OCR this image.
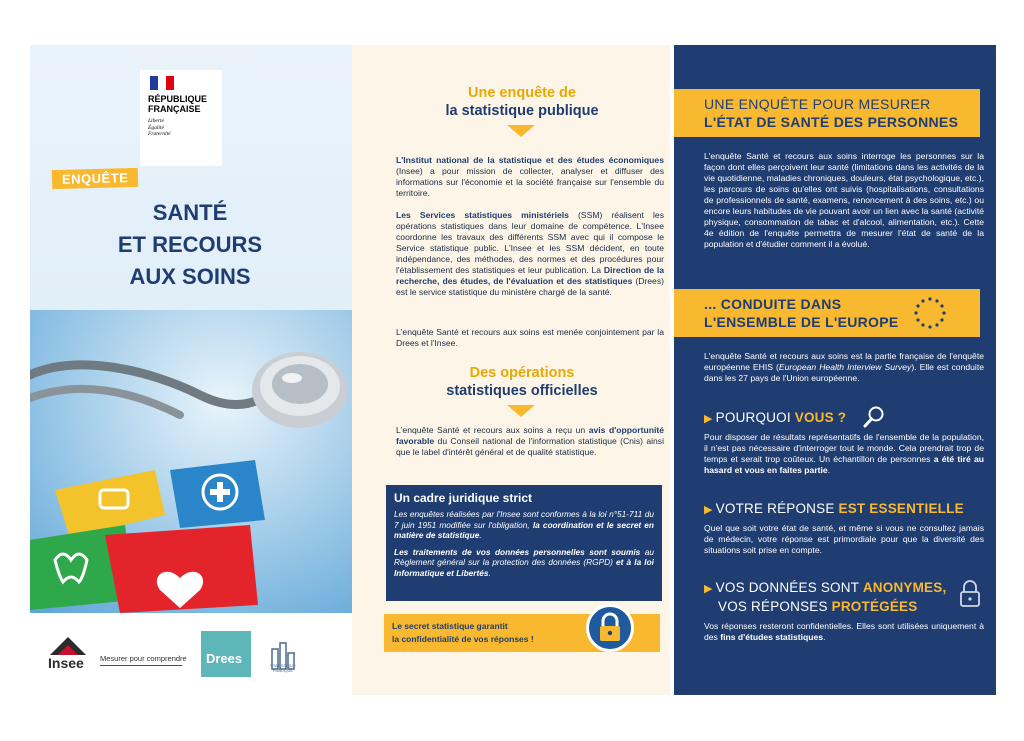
RÉPUBLIQUE
FRANÇAISE
Liberté
Égalité
Fraternité
ENQUÊTE
SANTÉ
ET RECOURS
AUX SOINS
Insee Mesurer pour comprendre Drees	STATISTIQUE
PUBLIQUE
Une enquête de
la statistique publique
L'Institut national de la statistique et des études économiques (Insee) a pour mission de collecter, analyser et diffuser des informations sur l'économie et la société française sur l'ensemble du territoire.
Les Services statistiques ministériels (SSM) réalisent les opérations statistiques dans leur domaine de compétence. L'Insee coordonne les travaux des différents SSM avec qui il compose le Service statistique public. L'Insee et les SSM décident, en toute indépendance, des méthodes, des normes et des procédures pour l'établissement des statistiques et leur publication. La Direction de la recherche, des études, de l'évaluation et des statistiques (Drees) est le service statistique du ministère chargé de la santé.
L'enquête Santé et recours aux soins est menée conjointement par la Drees et l'Insee.
Des opérations
statistiques officielles
L'enquête Santé et recours aux soins a reçu un avis d'opportunité favorable du Conseil national de l'information statistique (Cnis) ainsi que le label d'intérêt général et de qualité statistique.
Un cadre juridique strict

Les enquêtes réalisées par l'Insee sont conformes à la loi n°51-711 du 7 juin 1951 modifiée sur l'obligation, la coordination et le secret en matière de statistique.

Les traitements de vos données personnelles sont soumis au Règlement général sur la protection des données (RGPD) et à la loi Informatique et Libertés.

Le secret statistique garantit
la confidentialité de vos réponses !
UNE ENQUÊTE POUR MESURER
L'ÉTAT DE SANTÉ DES PERSONNES
L'enquête Santé et recours aux soins interroge les personnes sur la façon dont elles perçoivent leur santé (limitations dans les activités de la vie quotidienne, maladies chroniques, douleurs, état psychologique, etc.), les parcours de soins qu'elles ont suivis (hospitalisations, consultations de professionnels de santé, examens, renoncement à des soins, etc.) ou encore leurs habitudes de vie pouvant avoir un lien avec la santé (activité physique, consommation de tabac et d'alcool, alimentation, etc.). Cette 4e édition de l'enquête permettra de mesurer l'état de santé de la population et d'étudier comment il a évolué.
... CONDUITE DANS
L'ENSEMBLE DE L'EUROPE
L'enquête Santé et recours aux soins est la partie française de l'enquête européenne EHIS (European Health Interview Survey). Elle est conduite dans les 27 pays de l'Union européenne.
▶ POURQUOI VOUS ?
Pour disposer de résultats représentatifs de l'ensemble de la population, il n'est pas nécessaire d'interroger tout le monde. Cela prendrait trop de temps et serait trop coûteux. Un échantillon de personnes a été tiré au hasard et vous en faites partie.
▶ VOTRE RÉPONSE EST ESSENTIELLE
Quel que soit votre état de santé, et même si vous ne consultez jamais de médecin, votre réponse est primordiale pour que la diversité des situations soit prise en compte.
▶ VOS DONNÉES SONT ANONYMES,
VOS RÉPONSES PROTÉGÉES
Vos réponses resteront confidentielles. Elles sont utilisées uniquement à des fins d'études statistiques.
